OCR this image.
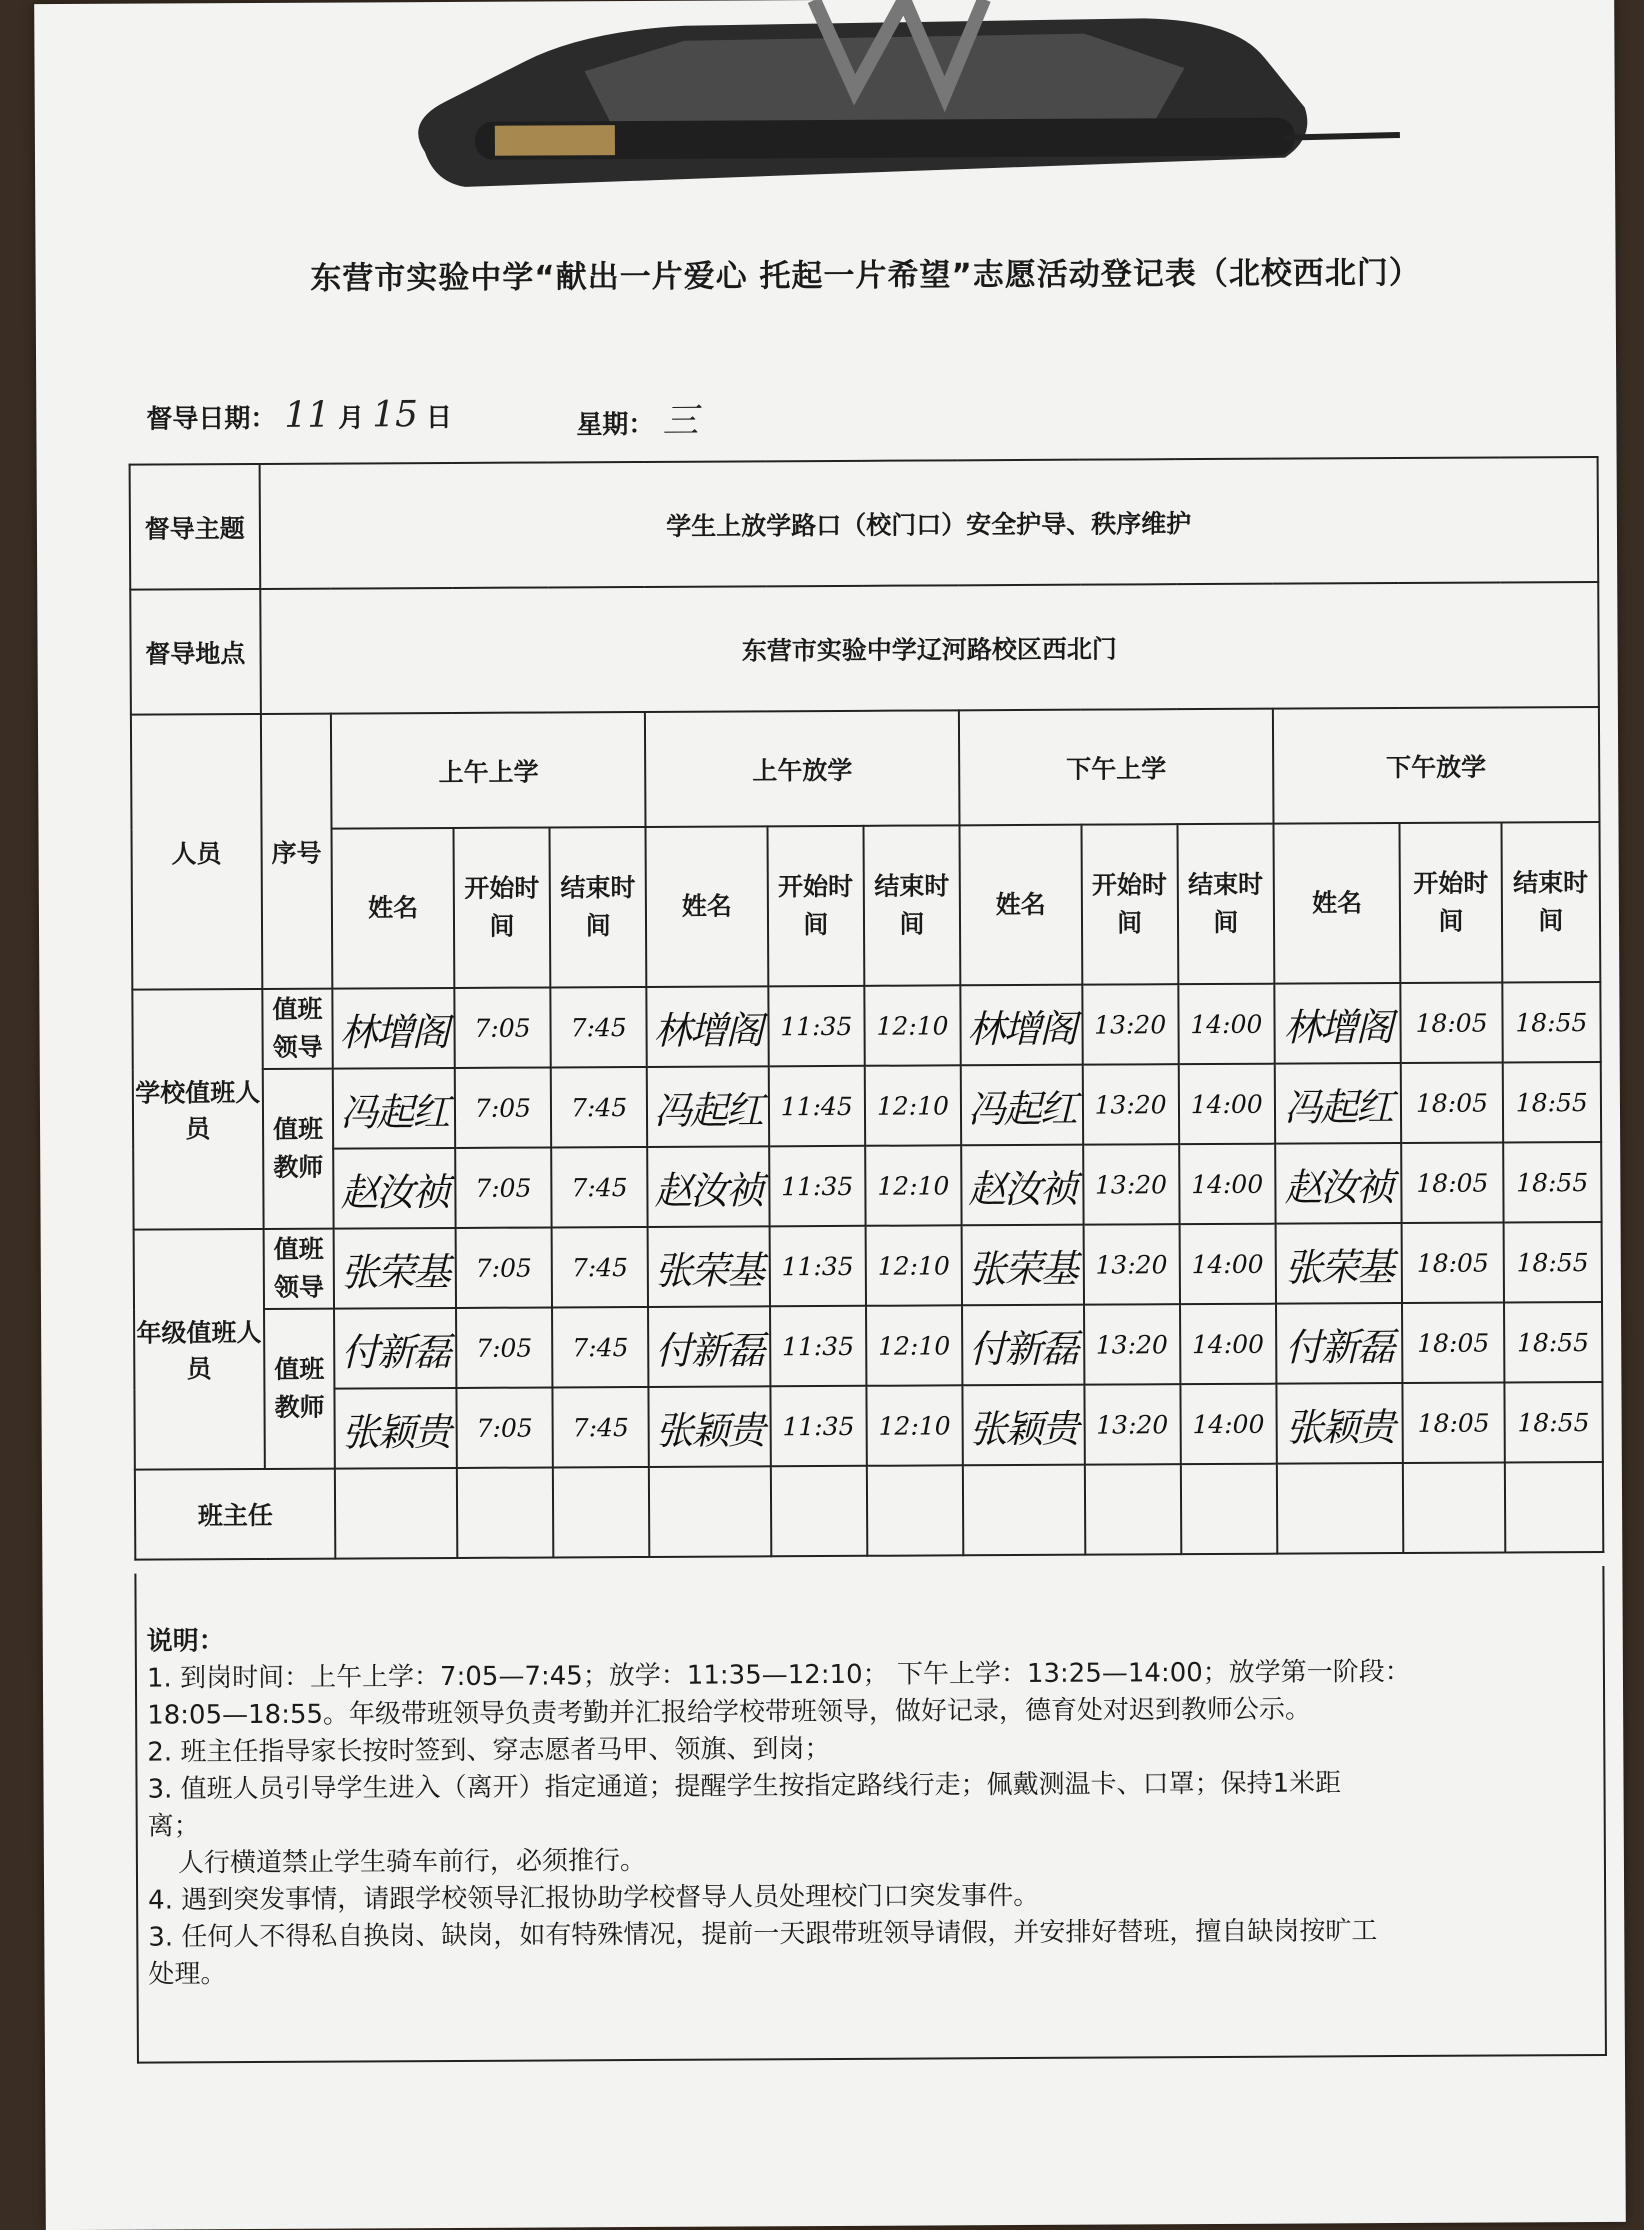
东营市实验中学“献出一片爱心 托起一片希望”志愿活动登记表（北校西北门）
督导日期： 11 月 15 日	星期： 三
督导主题	学生上放学路口（校门口）安全护导、秩序维护												
督导地点	东营市实验中学辽河路校区西北门												
人员	序号	上午上学			上午放学			下午上学			下午放学		
		姓名	开始时间	结束时间	姓名	开始时间	结束时间	姓名	开始时间	结束时间	姓名	开始时间	结束时间
学校值班人员	值班领导	林增阁	7:05	7:45	林增阁	11:35	12:10	林增阁	13:20	14:00	林增阁	18:05	18:55
	值班教师	冯起红	7:05	7:45	冯起红	11:45	12:10	冯起红	13:20	14:00	冯起红	18:05	18:55
		赵汝祯	7:05	7:45	赵汝祯	11:35	12:10	赵汝祯	13:20	14:00	赵汝祯	18:05	18:55
年级值班人员	值班领导	张荣基	7:05	7:45	张荣基	11:35	12:10	张荣基	13:20	14:00	张荣基	18:05	18:55
	值班教师	付新磊	7:05	7:45	付新磊	11:35	12:10	付新磊	13:20	14:00	付新磊	18:05	18:55
		张颖贵	7:05	7:45	张颖贵	11:35	12:10	张颖贵	13:20	14:00	张颖贵	18:05	18:55
班主任													

说明：

1. 到岗时间：上午上学：7:05—7:45；放学：11:35—12:10； 下午上学：13:25—14:00；放学第一阶段：

18:05—18:55。年级带班领导负责考勤并汇报给学校带班领导，做好记录，德育处对迟到教师公示。

2. 班主任指导家长按时签到、穿志愿者马甲、领旗、到岗；

3. 值班人员引导学生进入（离开）指定通道；提醒学生按指定路线行走；佩戴测温卡、口罩；保持1米距

离；

人行横道禁止学生骑车前行，必须推行。

4. 遇到突发事情，请跟学校领导汇报协助学校督导人员处理校门口突发事件。

3. 任何人不得私自换岗、缺岗，如有特殊情况，提前一天跟带班领导请假，并安排好替班，擅自缺岗按旷工

处理。
